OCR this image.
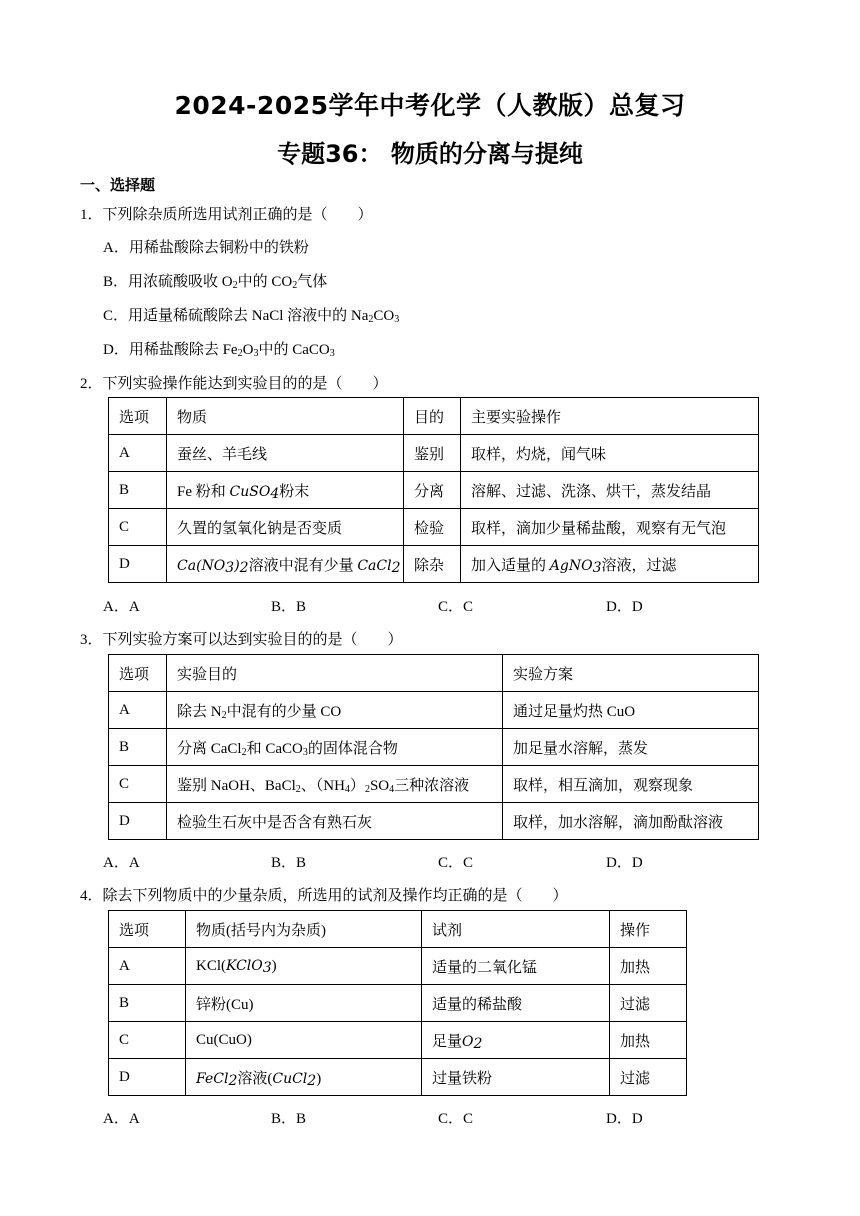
2024-2025学年中考化学（人教版）总复习
专题36： 物质的分离与提纯
一、选择题
1．下列除杂质所选用试剂正确的是（　　）
A．用稀盐酸除去铜粉中的铁粉
B．用浓硫酸吸收 $O_2$中的 $CO_2$气体
C．用适量稀硫酸除去 NaCl 溶液中的 $Na_2CO_3$
D．用稀盐酸除去 $Fe_2O_3$中的 CaCO$_3$
2．下列实验操作能达到实验目的的是（　　）
选项	物质	目的	主要实验操作
A	蚕丝、羊毛线	鉴别	取样，灼烧，闻气味
B	Fe 粉和 CuSO$_4$粉末	分离	溶解、过滤、洗涤、烘干，蒸发结晶
C	久置的氢氧化钠是否变质	检验	取样，滴加少量稀盐酸，观察有无气泡
D	$Ca(NO_3)_2$溶液中混有少量 CaCl$_2$	除杂	加入适量的 AgNO$_3$溶液，过滤
A．A	B．B	C．C	D．D
3．下列实验方案可以达到实验目的的是（　　）
选项	实验目的	实验方案
A	除去 $N_2$中混有的少量 CO	通过足量灼热 CuO
B	分离 CaCl$_2$和 CaCO$_3$的固体混合物	加足量水溶解，蒸发
C	鉴别 NaOH、BaCl$_2$、$(NH_4)_2SO_4$三种浓溶液	取样，相互滴加，观察现象
D	检验生石灰中是否含有熟石灰	取样，加水溶解，滴加酚酞溶液
A．A	B．B	C．C	D．D
4．除去下列物质中的少量杂质，所选用的试剂及操作均正确的是（　　）
选项	物质(括号内为杂质)	试剂	操作
A	KCl(KClO$_3$)	适量的二氧化锰	加热
B	锌粉(Cu)	适量的稀盐酸	过滤
C	Cu(CuO)	足量$O_2$	加热
D	FeCl$_2$溶液(CuCl$_2$)	过量铁粉	过滤
A．A	B．B	C．C	D．D
